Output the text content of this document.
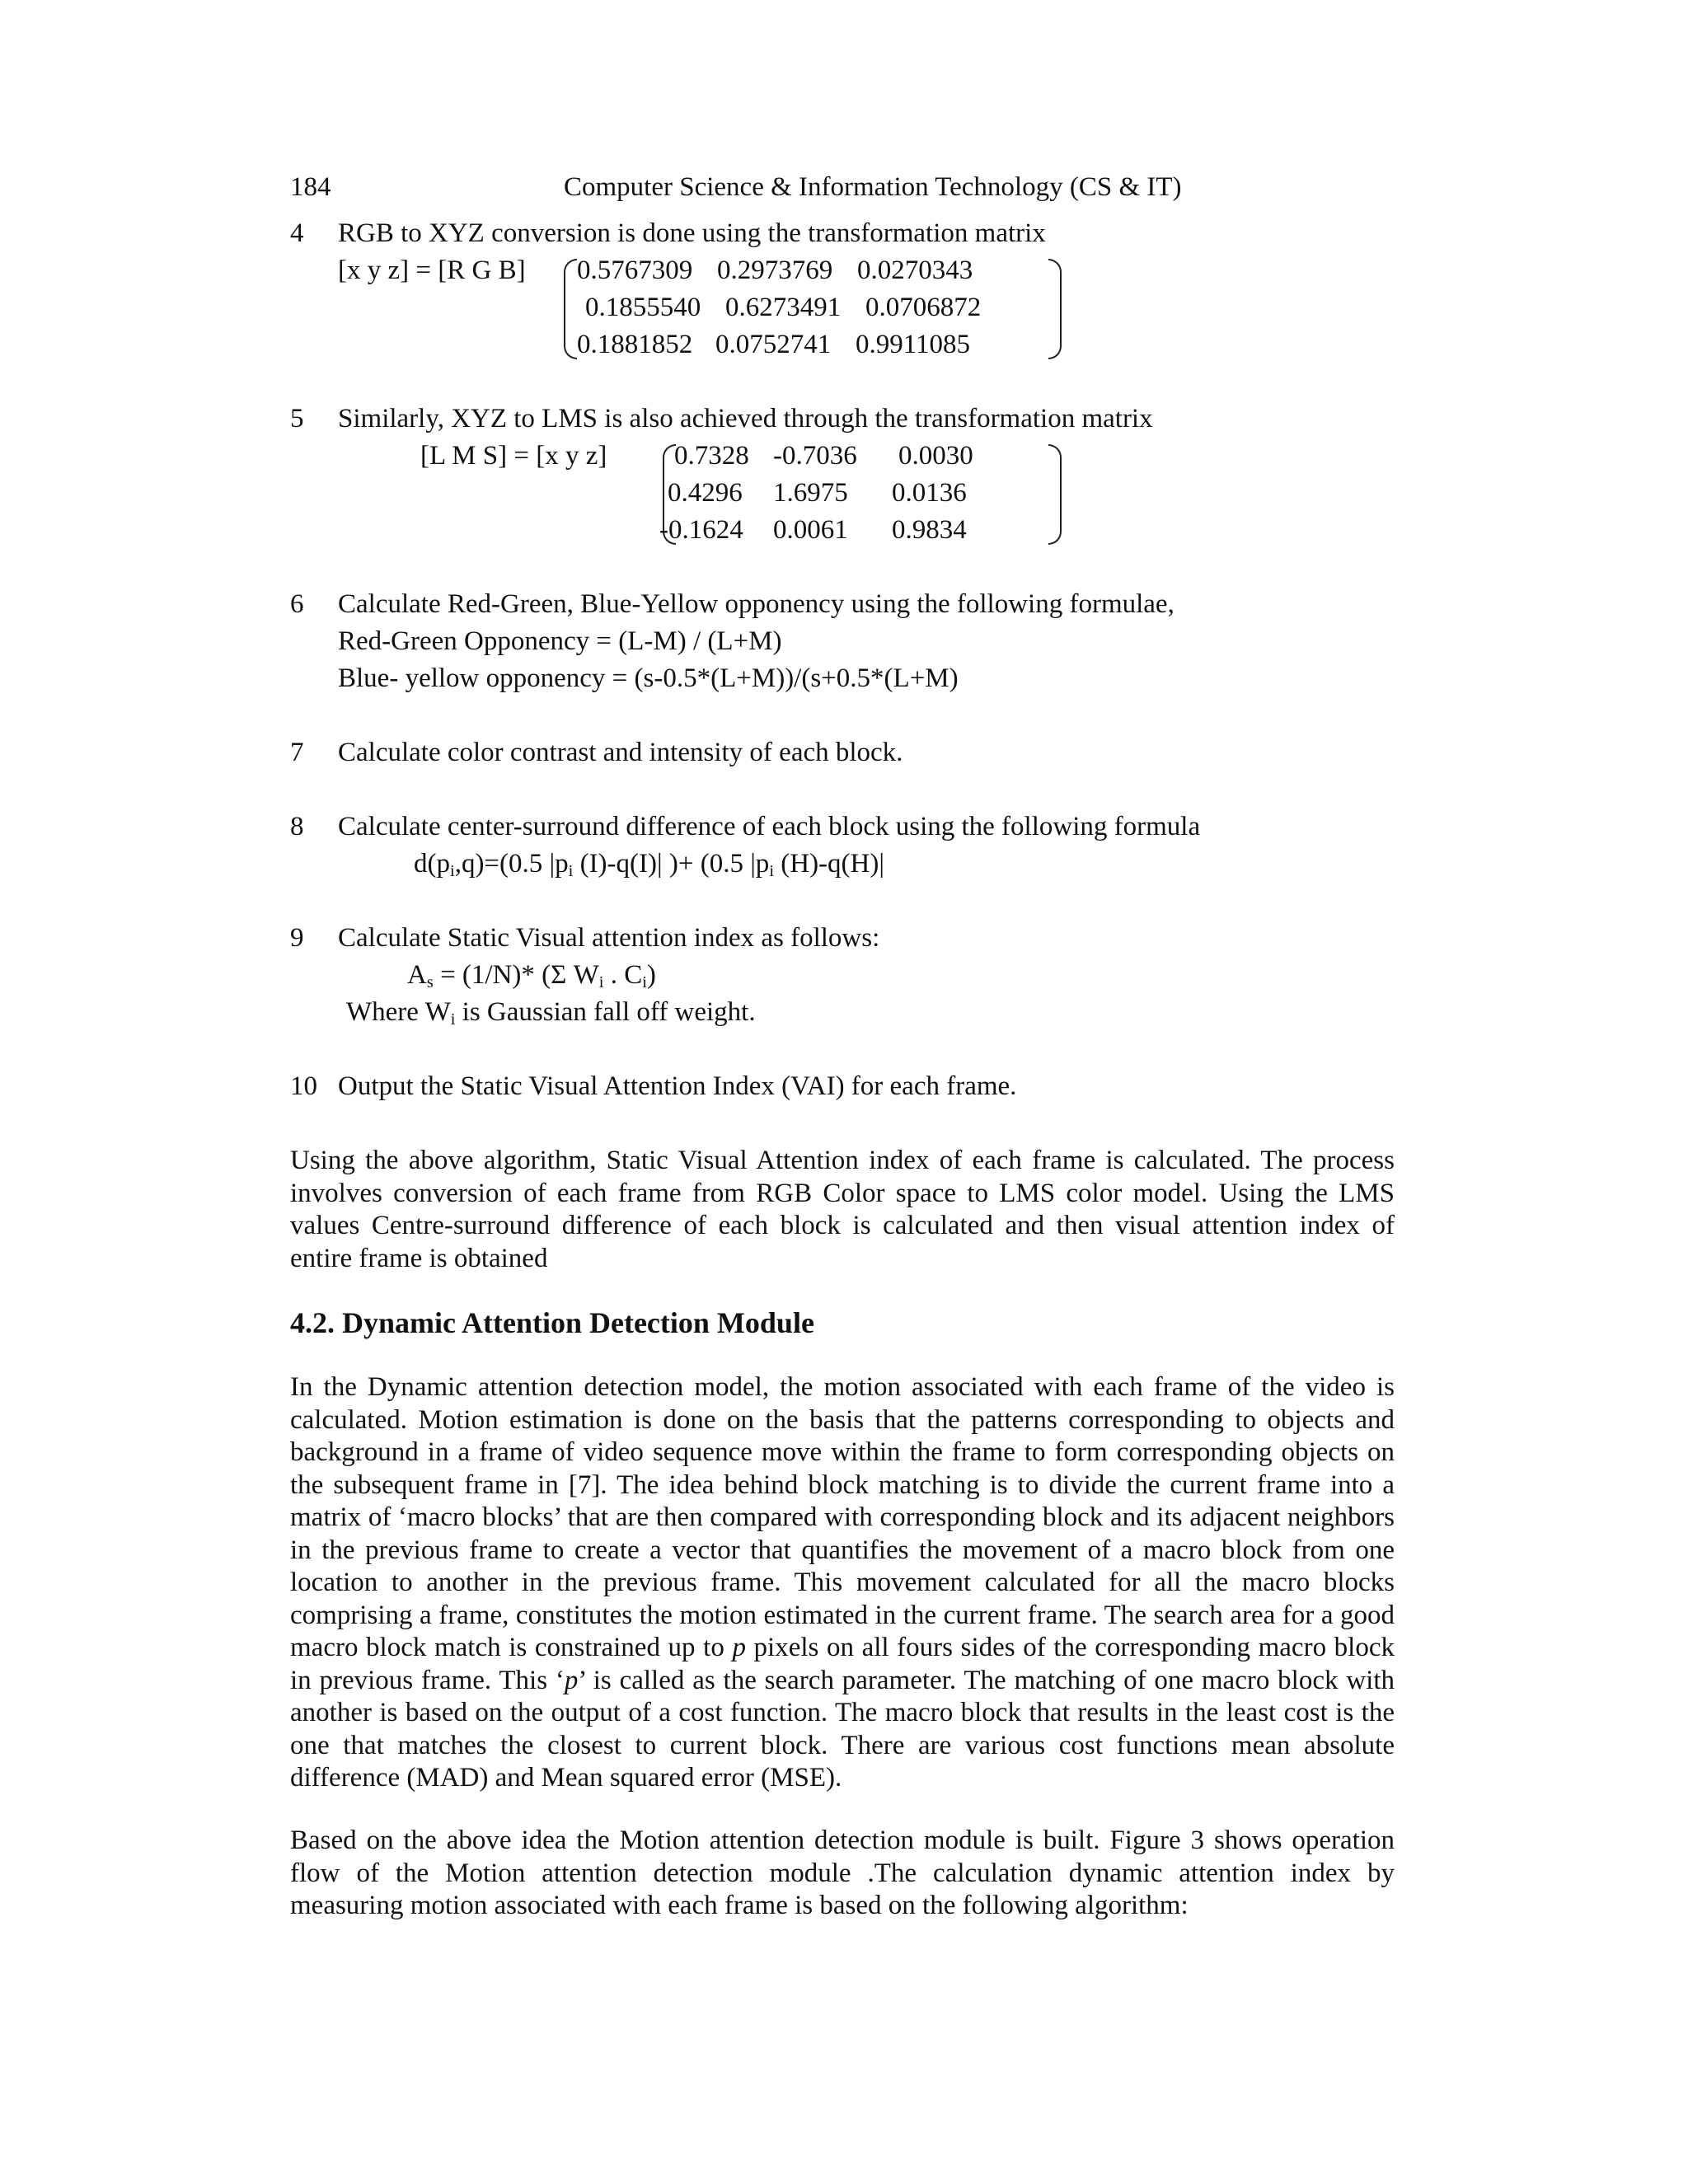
184	Computer Science & Information Technology (CS & IT)
4 RGB to XYZ conversion is done using the transformation matrix
[x y z] = [R G B] 0.5767309 0.2973769 0.0270343
0.1855540 0.6273491 0.0706872
0.1881852 0.0752741 0.9911085
5 Similarly, XYZ to LMS is also achieved through the transformation matrix
[L M S] = [x y z] 0.7328 -0.7036 0.0030
0.4296 1.6975 0.0136
-0.1624 0.0061 0.9834
6 Calculate Red-Green, Blue-Yellow opponency using the following formulae,
Red-Green Opponency = (L-M) / (L+M)
Blue- yellow opponency = (s-0.5*(L+M))/(s+0.5*(L+M)
7 Calculate color contrast and intensity of each block.
8 Calculate center-surround difference of each block using the following formula
$d(p_i,q)=(0.5$ $|p_i$ (I)-q(I)| )+ (0.5 $|p_i$ (H)-q(H)|
9 Calculate Static Visual attention index as follows:
$A_s = (1/N)*$ (Σ $W_i$ . $C_i$)
Where $W_i$ is Gaussian fall off weight.
10 Output the Static Visual Attention Index (VAI) for each frame.
Using the above algorithm, Static Visual Attention index of each frame is calculated. The process involves conversion of each frame from RGB Color space to LMS color model. Using the LMS values Centre-surround difference of each block is calculated and then visual attention index of entire frame is obtained
4.2. Dynamic Attention Detection Module
In the Dynamic attention detection model, the motion associated with each frame of the video is calculated. Motion estimation is done on the basis that the patterns corresponding to objects and background in a frame of video sequence move within the frame to form corresponding objects on the subsequent frame in [7]. The idea behind block matching is to divide the current frame into a matrix of ‘macro blocks’ that are then compared with corresponding block and its adjacent neighbors in the previous frame to create a vector that quantifies the movement of a macro block from one location to another in the previous frame. This movement calculated for all the macro blocks comprising a frame, constitutes the motion estimated in the current frame. The search area for a good macro block match is constrained up to p pixels on all fours sides of the corresponding macro block in previous frame. This ‘p’ is called as the search parameter. The matching of one macro block with another is based on the output of a cost function. The macro block that results in the least cost is the one that matches the closest to current block. There are various cost functions mean absolute difference (MAD) and Mean squared error (MSE).
Based on the above idea the Motion attention detection module is built. Figure 3 shows operation flow of the Motion attention detection module .The calculation dynamic attention index by measuring motion associated with each frame is based on the following algorithm:
